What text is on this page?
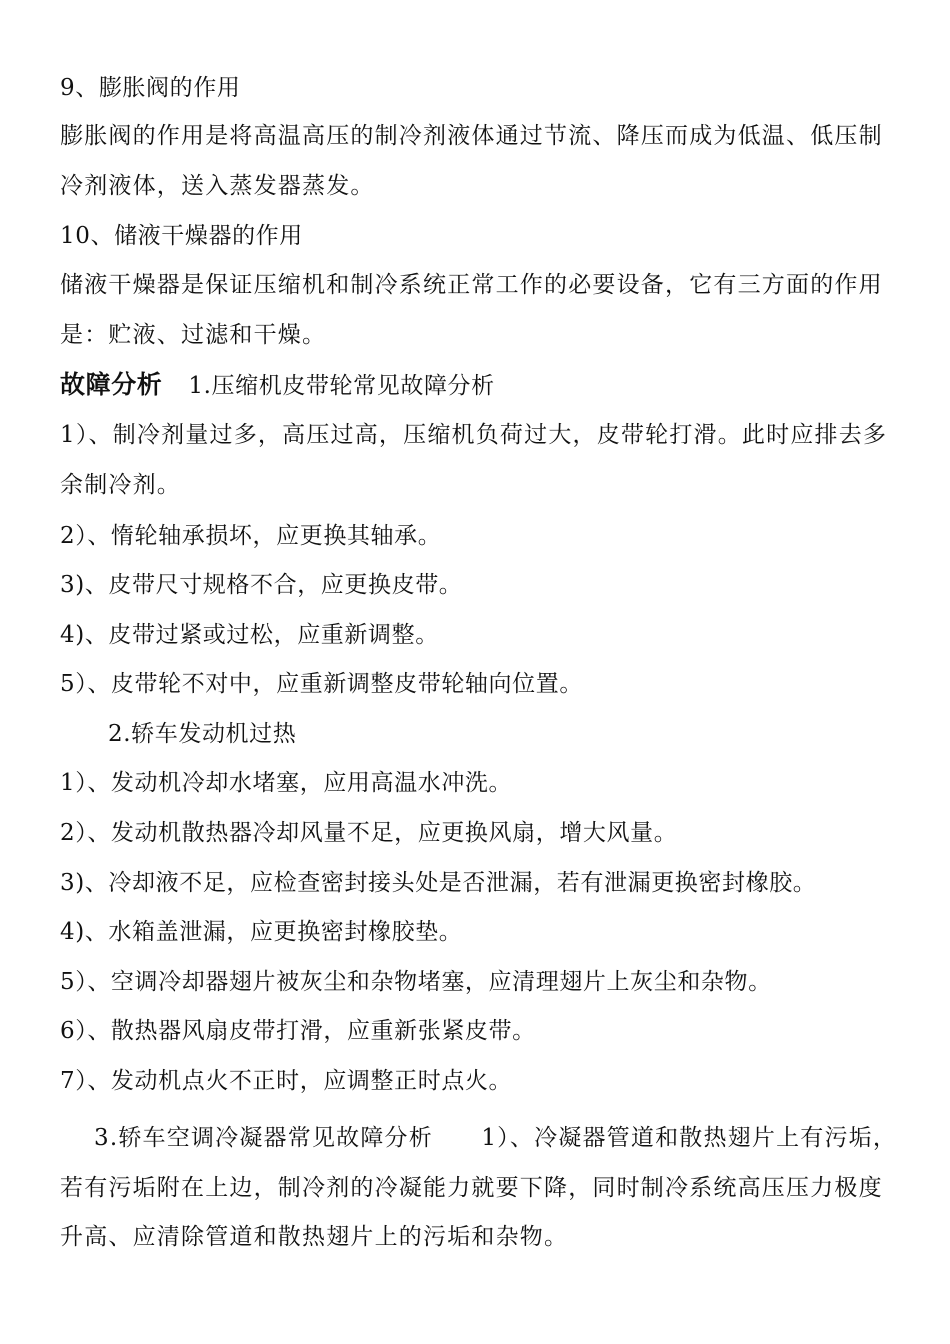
9、膨胀阀的作用
膨胀阀的作用是将高温高压的制冷剂液体通过节流、降压而成为低温、低压制冷剂液体，送入蒸发器蒸发。
10、储液干燥器的作用
储液干燥器是保证压缩机和制冷系统正常工作的必要设备，它有三方面的作用是：贮液、过滤和干燥。
故障分析 1.压缩机皮带轮常见故障分析
1）、制冷剂量过多，高压过高，压缩机负荷过大，皮带轮打滑。此时应排去多余制冷剂。
2）、惰轮轴承损坏，应更换其轴承。
3)、皮带尺寸规格不合，应更换皮带。
4)、皮带过紧或过松，应重新调整。
5）、皮带轮不对中，应重新调整皮带轮轴向位置。
2.轿车发动机过热
1）、发动机冷却水堵塞，应用高温水冲洗。
2）、发动机散热器冷却风量不足，应更换风扇，增大风量。
3)、冷却液不足，应检查密封接头处是否泄漏，若有泄漏更换密封橡胶。
4)、水箱盖泄漏，应更换密封橡胶垫。
5）、空调冷却器翅片被灰尘和杂物堵塞，应清理翅片上灰尘和杂物。
6）、散热器风扇皮带打滑，应重新张紧皮带。
7）、发动机点火不正时，应调整正时点火。
3.轿车空调冷凝器常见故障分析　　1）、冷凝器管道和散热翅片上有污垢，若有污垢附在上边，制冷剂的冷凝能力就要下降，同时制冷系统高压压力极度升高、应清除管道和散热翅片上的污垢和杂物。
